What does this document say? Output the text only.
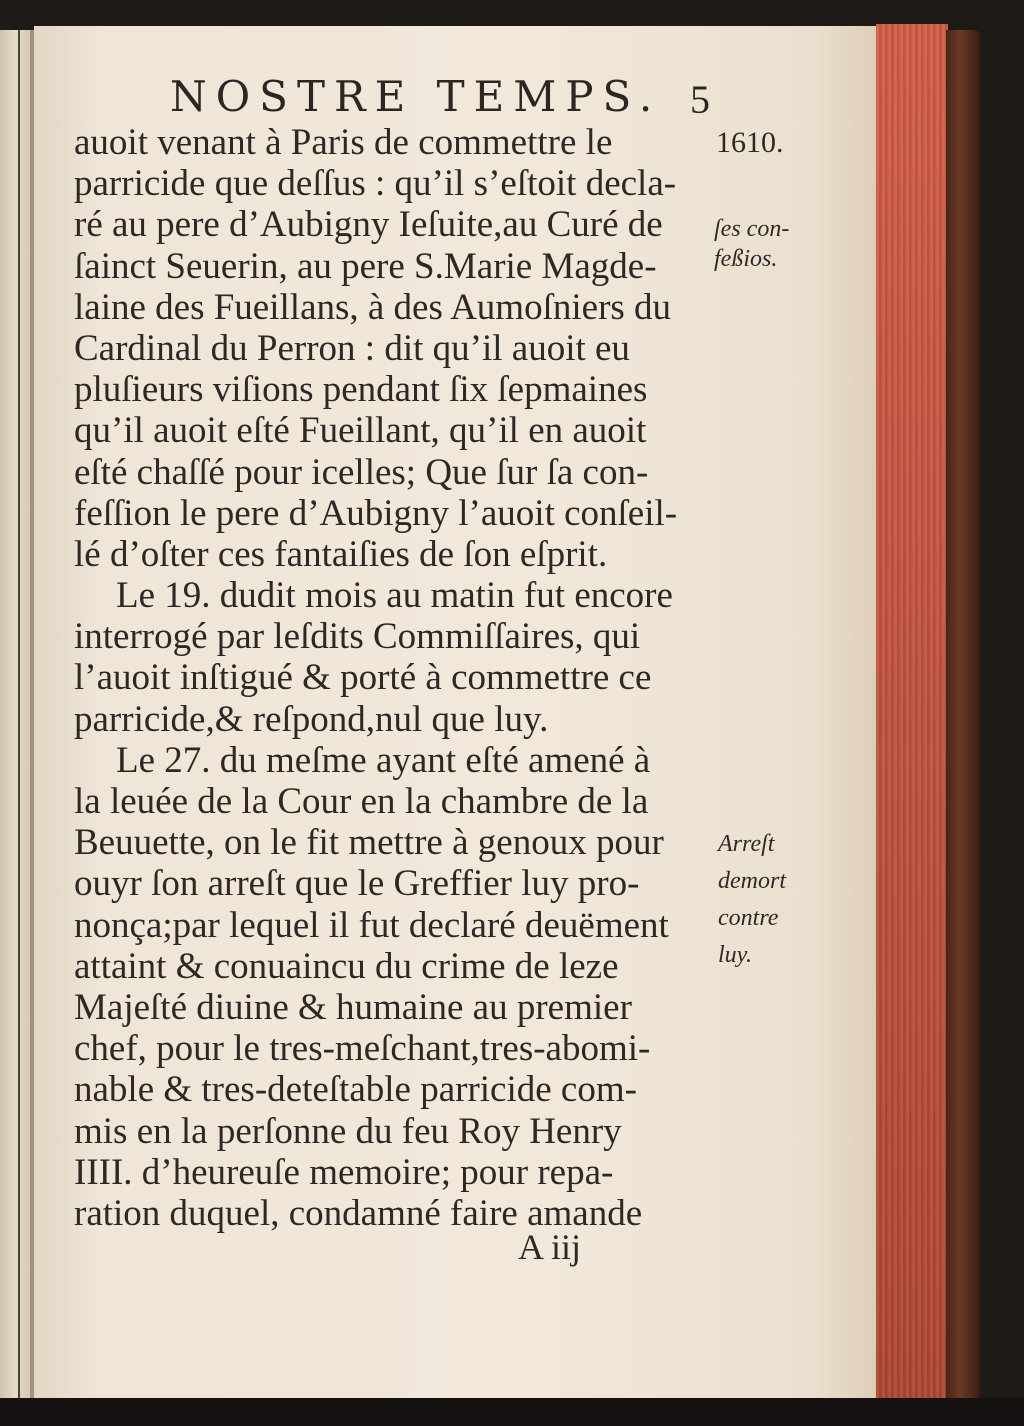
NOSTRE TEMPS. 5
1610.
ſes con-
feßios.
Arreſt
demort
contre
luy.
auoit venant à Paris de commettre le
parricide que deſſus : qu’il s’eſtoit decla-
ré au pere d’Aubigny Ieſuite,au Curé de
ſainct Seuerin, au pere S.Marie Magde-
laine des Fueillans, à des Aumoſniers du
Cardinal du Perron : dit qu’il auoit eu
pluſieurs viſions pendant ſix ſepmaines
qu’il auoit eſté Fueillant, qu’il en auoit
eſté chaſſé pour icelles; Que ſur ſa con-
feſſion le pere d’Aubigny l’auoit conſeil-
lé d’oſter ces fantaiſies de ſon eſprit.
Le 19. dudit mois au matin fut encore
interrogé par leſdits Commiſſaires, qui
l’auoit inſtigué & porté à commettre ce
parricide,& reſpond,nul que luy.
Le 27. du meſme ayant eſté amené à
la leuée de la Cour en la chambre de la
Beuuette, on le fit mettre à genoux pour
ouyr ſon arreſt que le Greffier luy pro-
nonça;par lequel il fut declaré deuëment
attaint & conuaincu du crime de leze
Majeſté diuine & humaine au premier
chef, pour le tres-meſchant,tres-abomi-
nable & tres-deteſtable parricide com-
mis en la perſonne du feu Roy Henry
IIII. d’heureuſe memoire; pour repa-
ration duquel, condamné faire amande
A iij
